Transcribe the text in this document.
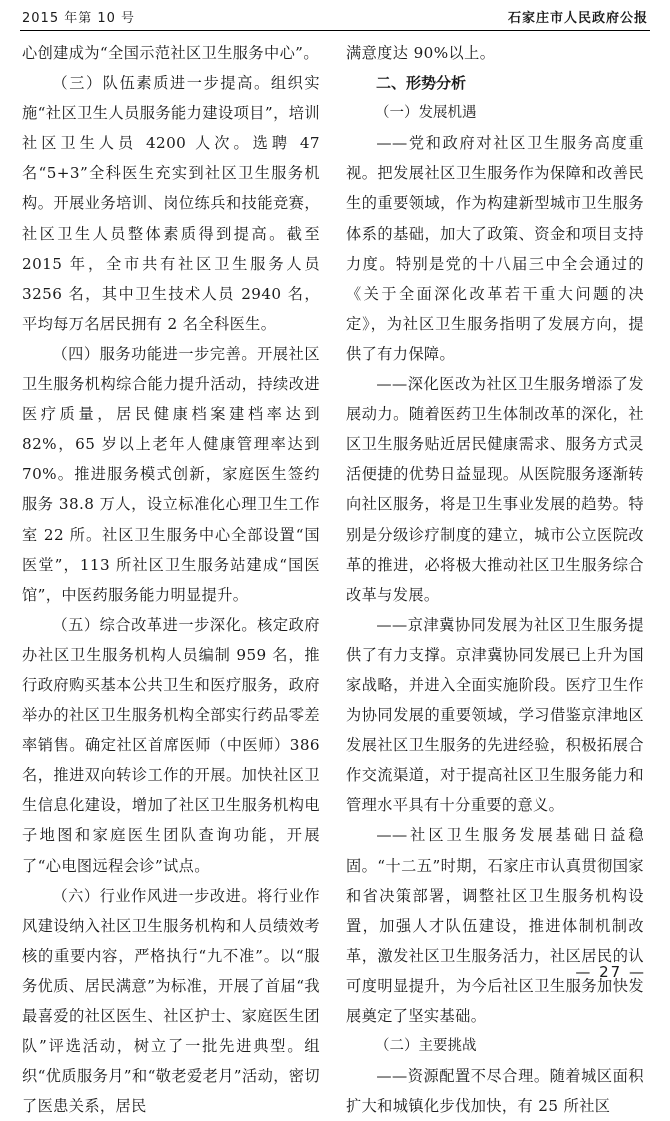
2015 年第 10 号	石家庄市人民政府公报

心创建成为“全国示范社区卫生服务中心”。

（三）队伍素质进一步提高。组织实施“社区卫生人员服务能力建设项目”，培训社区卫生人员 4200 人次。选聘 47 名“5+3”全科医生充实到社区卫生服务机构。开展业务培训、岗位练兵和技能竞赛，社区卫生人员整体素质得到提高。截至 2015 年，全市共有社区卫生服务人员 3256 名，其中卫生技术人员 2940 名，平均每万名居民拥有 2 名全科医生。

（四）服务功能进一步完善。开展社区卫生服务机构综合能力提升活动，持续改进医疗质量，居民健康档案建档率达到 82%，65 岁以上老年人健康管理率达到 70%。推进服务模式创新，家庭医生签约服务 38.8 万人，设立标准化心理卫生工作室 22 所。社区卫生服务中心全部设置“国医堂”，113 所社区卫生服务站建成“国医馆”，中医药服务能力明显提升。

（五）综合改革进一步深化。核定政府办社区卫生服务机构人员编制 959 名，推行政府购买基本公共卫生和医疗服务，政府举办的社区卫生服务机构全部实行药品零差率销售。确定社区首席医师（中医师）386 名，推进双向转诊工作的开展。加快社区卫生信息化建设，增加了社区卫生服务机构电子地图和家庭医生团队查询功能，开展了“心电图远程会诊”试点。

（六）行业作风进一步改进。将行业作风建设纳入社区卫生服务机构和人员绩效考核的重要内容，严格执行“九不准”。以“服务优质、居民满意”为标准，开展了首届“我最喜爱的社区医生、社区护士、家庭医生团队”评选活动，树立了一批先进典型。组织“优质服务月”和“敬老爱老月”活动，密切了医患关系，居民

满意度达 90%以上。

二、形势分析
（一）发展机遇

——党和政府对社区卫生服务高度重视。把发展社区卫生服务作为保障和改善民生的重要领域，作为构建新型城市卫生服务体系的基础，加大了政策、资金和项目支持力度。特别是党的十八届三中全会通过的《关于全面深化改革若干重大问题的决定》，为社区卫生服务指明了发展方向，提供了有力保障。

——深化医改为社区卫生服务增添了发展动力。随着医药卫生体制改革的深化，社区卫生服务贴近居民健康需求、服务方式灵活便捷的优势日益显现。从医院服务逐渐转向社区服务，将是卫生事业发展的趋势。特别是分级诊疗制度的建立，城市公立医院改革的推进，必将极大推动社区卫生服务综合改革与发展。

——京津冀协同发展为社区卫生服务提供了有力支撑。京津冀协同发展已上升为国家战略，并进入全面实施阶段。医疗卫生作为协同发展的重要领域，学习借鉴京津地区发展社区卫生服务的先进经验，积极拓展合作交流渠道，对于提高社区卫生服务能力和管理水平具有十分重要的意义。

——社区卫生服务发展基础日益稳固。“十二五”时期，石家庄市认真贯彻国家和省决策部署，调整社区卫生服务机构设置，加强人才队伍建设，推进体制机制改革，激发社区卫生服务活力，社区居民的认可度明显提升，为今后社区卫生服务加快发展奠定了坚实基础。

（二）主要挑战

——资源配置不尽合理。随着城区面积扩大和城镇化步伐加快，有 25 所社区

— 27 —
